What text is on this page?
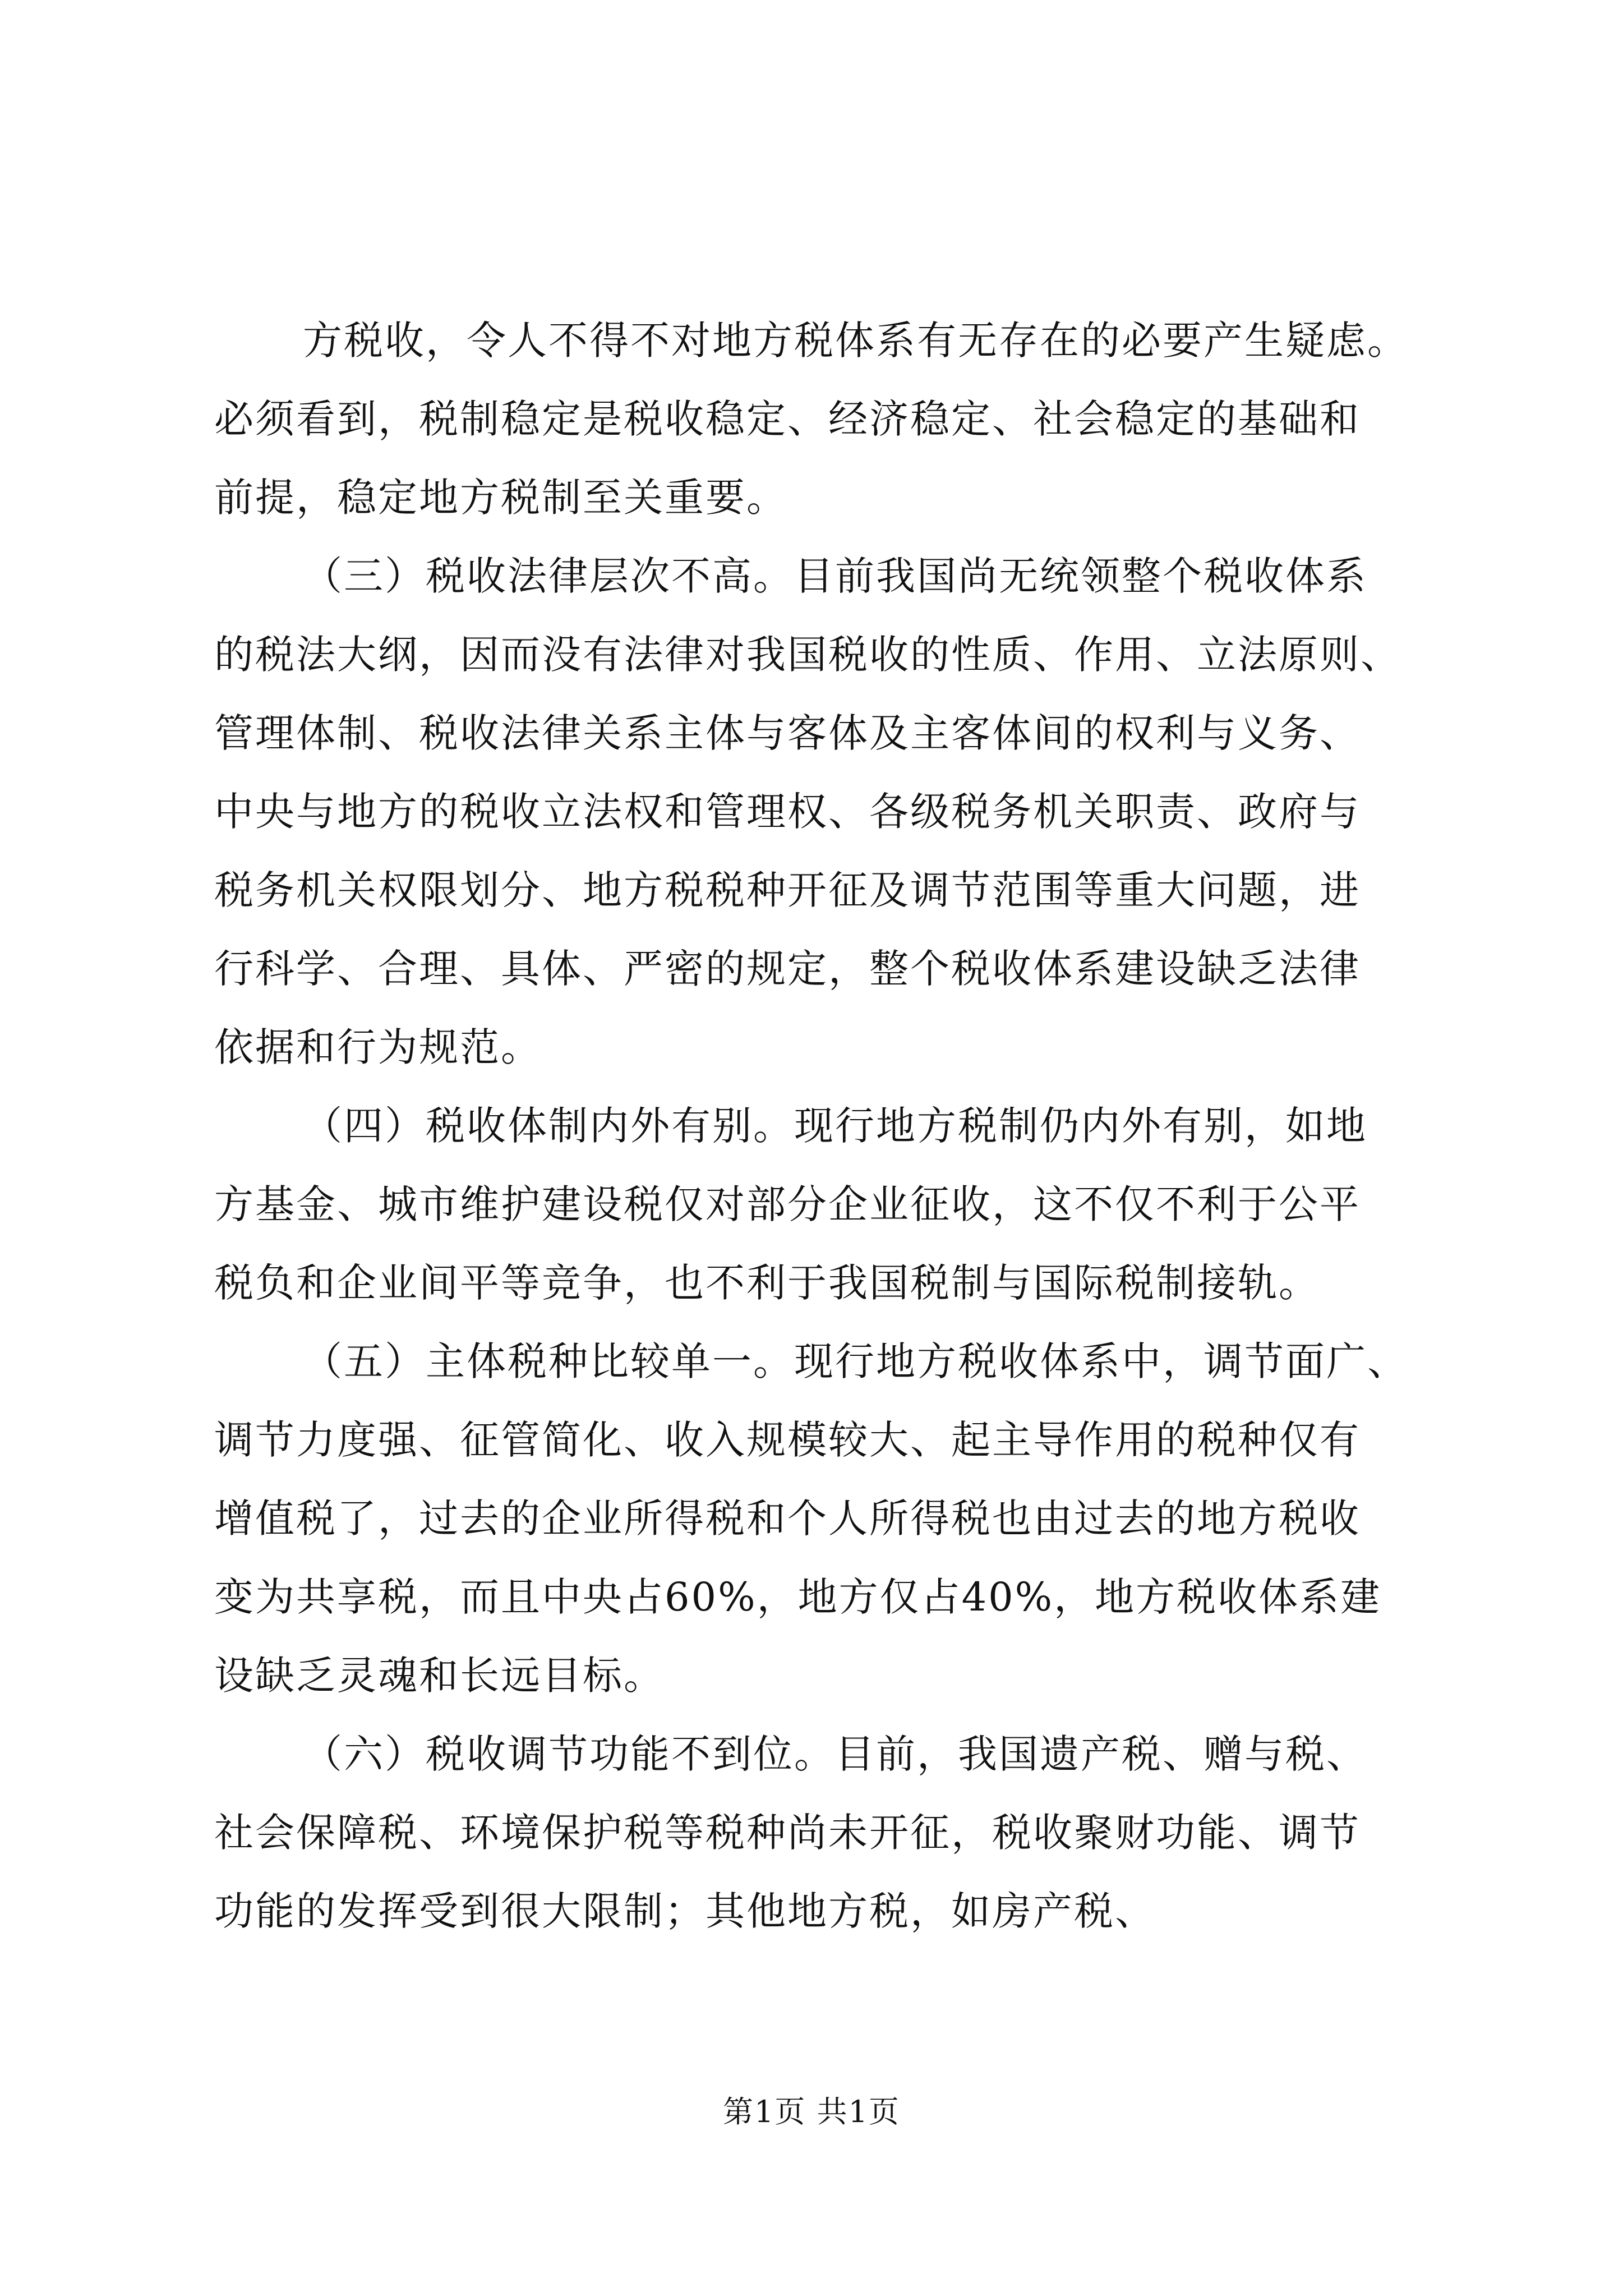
方税收，令人不得不对地方税体系有无存在的必要产生疑虑。

必须看到，税制稳定是税收稳定、经济稳定、社会稳定的基础和

前提，稳定地方税制至关重要。

（三）税收法律层次不高。目前我国尚无统领整个税收体系

的税法大纲，因而没有法律对我国税收的性质、作用、立法原则、

管理体制、税收法律关系主体与客体及主客体间的权利与义务、

中央与地方的税收立法权和管理权、各级税务机关职责、政府与

税务机关权限划分、地方税税种开征及调节范围等重大问题，进

行科学、合理、具体、严密的规定，整个税收体系建设缺乏法律

依据和行为规范。

（四）税收体制内外有别。现行地方税制仍内外有别，如地

方基金、城市维护建设税仅对部分企业征收，这不仅不利于公平

税负和企业间平等竞争，也不利于我国税制与国际税制接轨。

（五）主体税种比较单一。现行地方税收体系中，调节面广、

调节力度强、征管简化、收入规模较大、起主导作用的税种仅有

增值税了，过去的企业所得税和个人所得税也由过去的地方税收

变为共享税，而且中央占60%，地方仅占40%，地方税收体系建

设缺乏灵魂和长远目标。

（六）税收调节功能不到位。目前，我国遗产税、赠与税、

社会保障税、环境保护税等税种尚未开征，税收聚财功能、调节

功能的发挥受到很大限制；其他地方税，如房产税、

第1页 共1页
